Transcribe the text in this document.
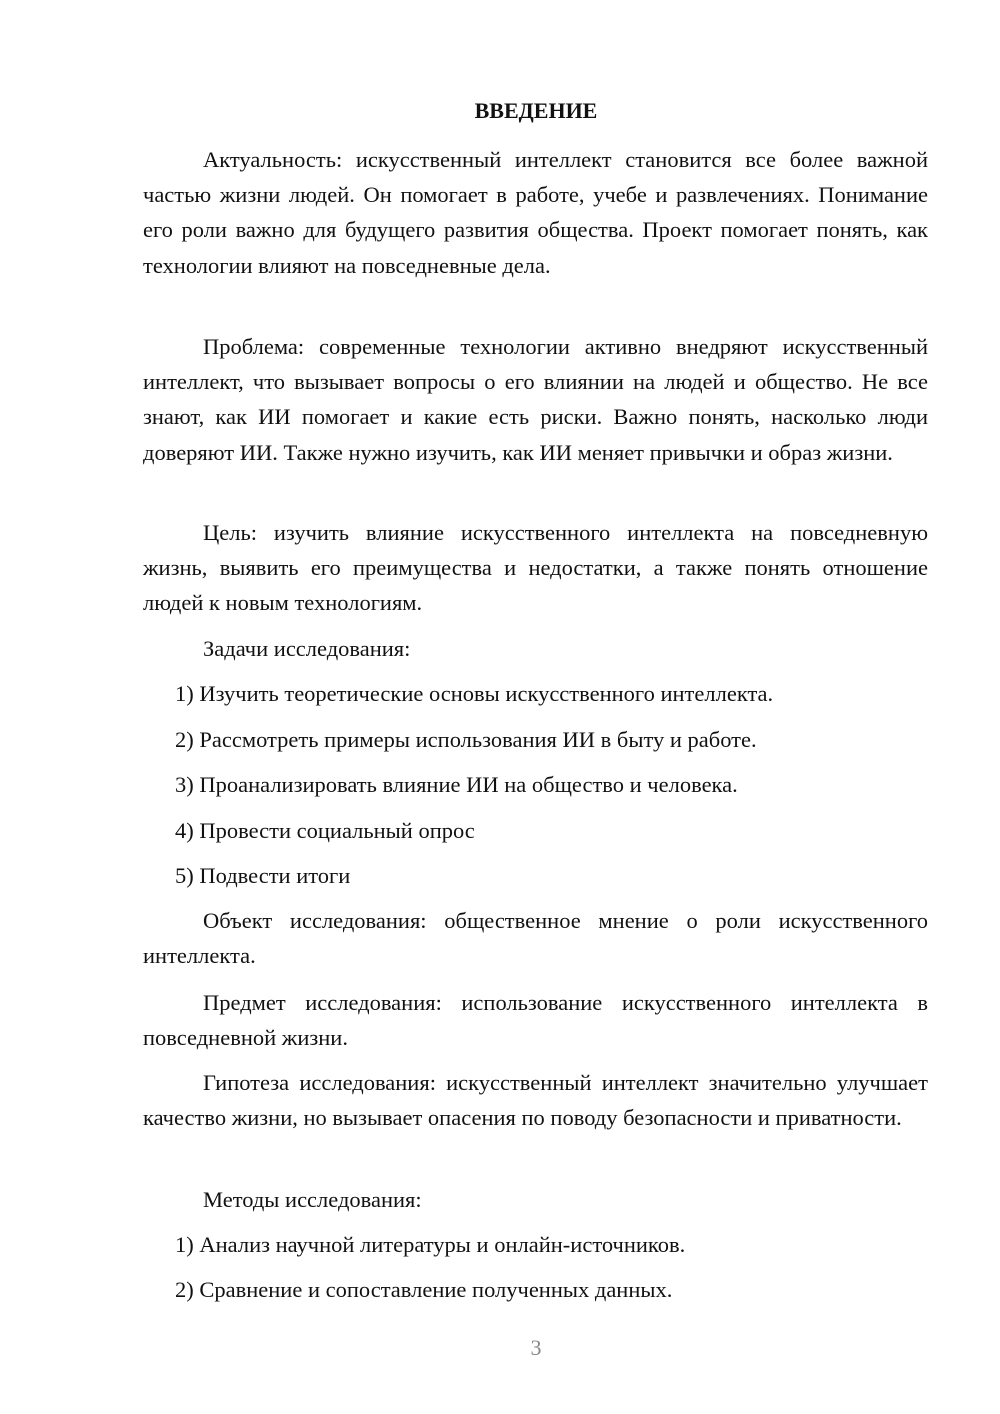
ВВЕДЕНИЕ

Актуальность: искусственный интеллект становится все более важной частью жизни людей. Он помогает в работе, учебе и развлечениях. Понимание его роли важно для будущего развития общества. Проект помогает понять, как технологии влияют на повседневные дела.

Проблема: современные технологии активно внедряют искусственный интеллект, что вызывает вопросы о его влиянии на людей и общество. Не все знают, как ИИ помогает и какие есть риски. Важно понять, насколько люди доверяют ИИ. Также нужно изучить, как ИИ меняет привычки и образ жизни.

Цель: изучить влияние искусственного интеллекта на повседневную жизнь, выявить его преимущества и недостатки, а также понять отношение людей к новым технологиям.

Задачи исследования:

1) Изучить теоретические основы искусственного интеллекта.

2) Рассмотреть примеры использования ИИ в быту и работе.

3) Проанализировать влияние ИИ на общество и человека.

4) Провести социальный опрос

5) Подвести итоги

Объект исследования: общественное мнение о роли искусственного интеллекта.

Предмет исследования: использование искусственного интеллекта в повседневной жизни.

Гипотеза исследования: искусственный интеллект значительно улучшает качество жизни, но вызывает опасения по поводу безопасности и приватности.

Методы исследования:

1) Анализ научной литературы и онлайн-источников.

2) Сравнение и сопоставление полученных данных.

3
